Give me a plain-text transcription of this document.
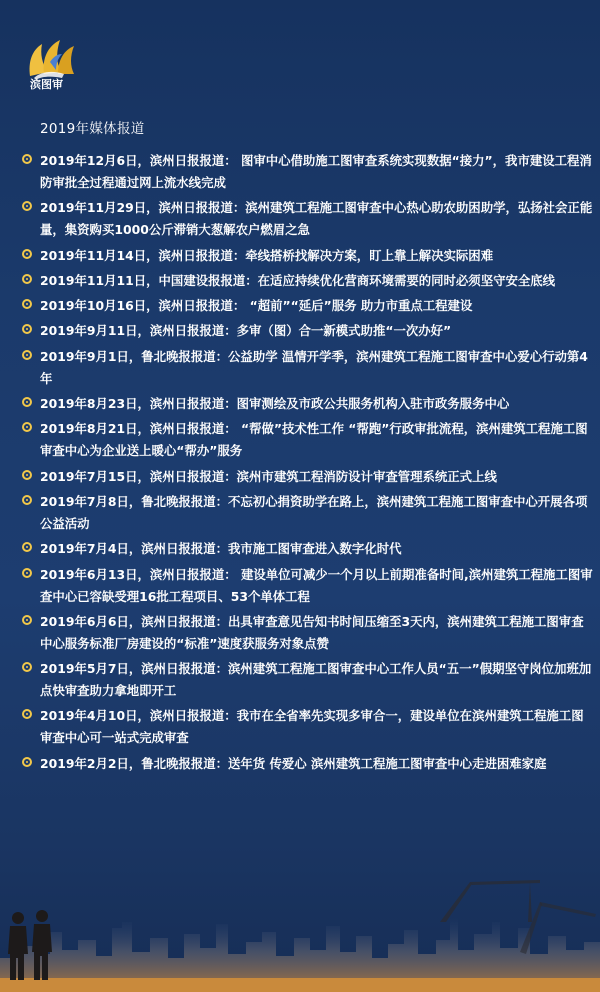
滨图审
2019年媒体报道
2019年12月6日，滨州日报报道： 图审中心借助施工图审查系统实现数据“接力”，我市建设工程消防审批全过程通过网上流水线完成
2019年11月29日，滨州日报报道：滨州建筑工程施工图审查中心热心助农助困助学，弘扬社会正能量，集资购买1000公斤滞销大葱解农户燃眉之急
2019年11月14日，滨州日报报道：牵线搭桥找解决方案，盯上靠上解决实际困难
2019年11月11日，中国建设报报道：在适应持续优化营商环境需要的同时必须坚守安全底线
2019年10月16日，滨州日报报道： “超前”“延后”服务 助力市重点工程建设
2019年9月11日，滨州日报报道：多审（图）合一新模式助推“一次办好”
2019年9月1日，鲁北晚报报道：公益助学 温情开学季，滨州建筑工程施工图审查中心爱心行动第4年
2019年8月23日，滨州日报报道：图审测绘及市政公共服务机构入驻市政务服务中心
2019年8月21日，滨州日报报道： “帮做”技术性工作 “帮跑”行政审批流程，滨州建筑工程施工图审查中心为企业送上暖心“帮办”服务
2019年7月15日，滨州日报报道：滨州市建筑工程消防设计审查管理系统正式上线
2019年7月8日，鲁北晚报报道：不忘初心捐资助学在路上，滨州建筑工程施工图审查中心开展各项公益活动
2019年7月4日，滨州日报报道：我市施工图审查进入数字化时代
2019年6月13日，滨州日报报道： 建设单位可减少一个月以上前期准备时间,滨州建筑工程施工图审查中心已容缺受理16批工程项目、53个单体工程
2019年6月6日，滨州日报报道：出具审查意见告知书时间压缩至3天内，滨州建筑工程施工图审查中心服务标准厂房建设的“标准”速度获服务对象点赞
2019年5月7日，滨州日报报道：滨州建筑工程施工图审查中心工作人员“五一”假期坚守岗位加班加点快审查助力拿地即开工
2019年4月10日，滨州日报报道：我市在全省率先实现多审合一，建设单位在滨州建筑工程施工图审查中心可一站式完成审查
2019年2月2日，鲁北晚报报道：送年货 传爱心 滨州建筑工程施工图审查中心走进困难家庭
